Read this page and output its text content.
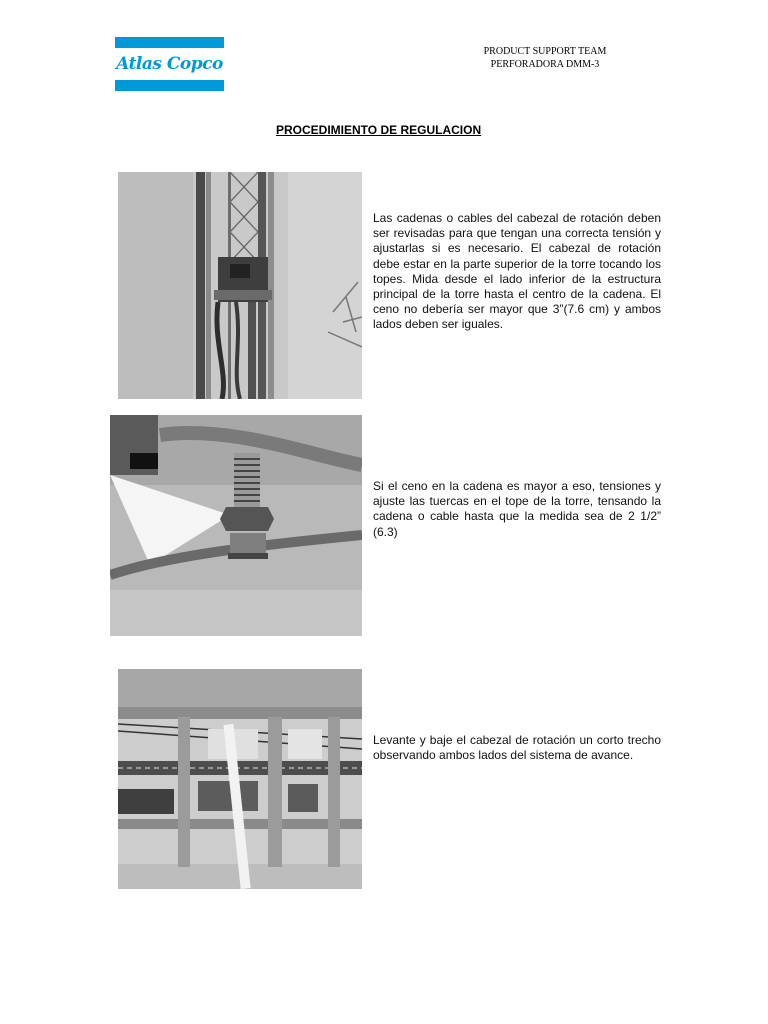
Atlas Copco
PRODUCT SUPPORT TEAM
PERFORADORA DMM-3
PROCEDIMIENTO DE REGULACION
Las cadenas o cables del cabezal de rotación deben ser revisadas para que tengan una correcta tensión y ajustarlas si es necesario. El cabezal de rotación debe estar en la parte superior de la torre tocando los topes. Mida desde el lado inferior de la estructura principal de la torre hasta el centro de la cadena. El ceno no debería ser mayor que 3”(7.6 cm) y ambos lados deben ser iguales.
Si el ceno en la cadena es mayor a eso, tensiones y ajuste las tuercas en el tope de la torre, tensando la cadena o cable hasta que la medida sea de 2 1/2” (6.3)
Levante y baje el cabezal de rotación un corto trecho observando ambos lados del sistema de avance.
